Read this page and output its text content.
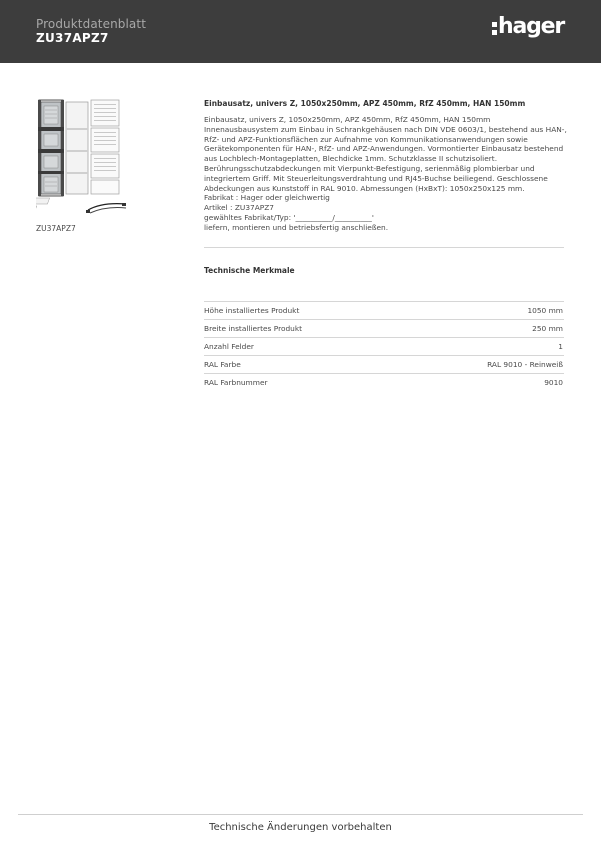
Produktdatenblatt
ZU37APZ7	hager
ZU37APZ7
Einbausatz, univers Z, 1050x250mm, APZ 450mm, RfZ 450mm, HAN 150mm
Einbausatz, univers Z, 1050x250mm, APZ 450mm, RfZ 450mm, HAN 150mm
Innenausbausystem zum Einbau in Schrankgehäusen nach DIN VDE 0603/1, bestehend aus HAN-,
RfZ- und APZ-Funktionsflächen zur Aufnahme von Kommunikationsanwendungen sowie
Gerätekomponenten für HAN-, RfZ- und APZ-Anwendungen. Vormontierter Einbausatz bestehend
aus Lochblech-Montageplatten, Blechdicke 1mm. Schutzklasse II schutzisoliert.
Berührungsschutzabdeckungen mit Vierpunkt-Befestigung, serienmäßig plombierbar und
integriertem Griff. Mit Steuerleitungsverdrahtung und RJ45-Buchse beiliegend. Geschlossene
Abdeckungen aus Kunststoff in RAL 9010. Abmessungen (HxBxT): 1050x250x125 mm.
Fabrikat : Hager oder gleichwertig
Artikel : ZU37APZ7
gewähltes Fabrikat/Typ: '__________/__________'
liefern, montieren und betriebsfertig anschließen.
Technische Merkmale
Höhe installiertes Produkt	1050 mm
Breite installiertes Produkt	250 mm
Anzahl Felder	1
RAL Farbe	RAL 9010 - Reinweiß
RAL Farbnummer	9010
Technische Änderungen vorbehalten
